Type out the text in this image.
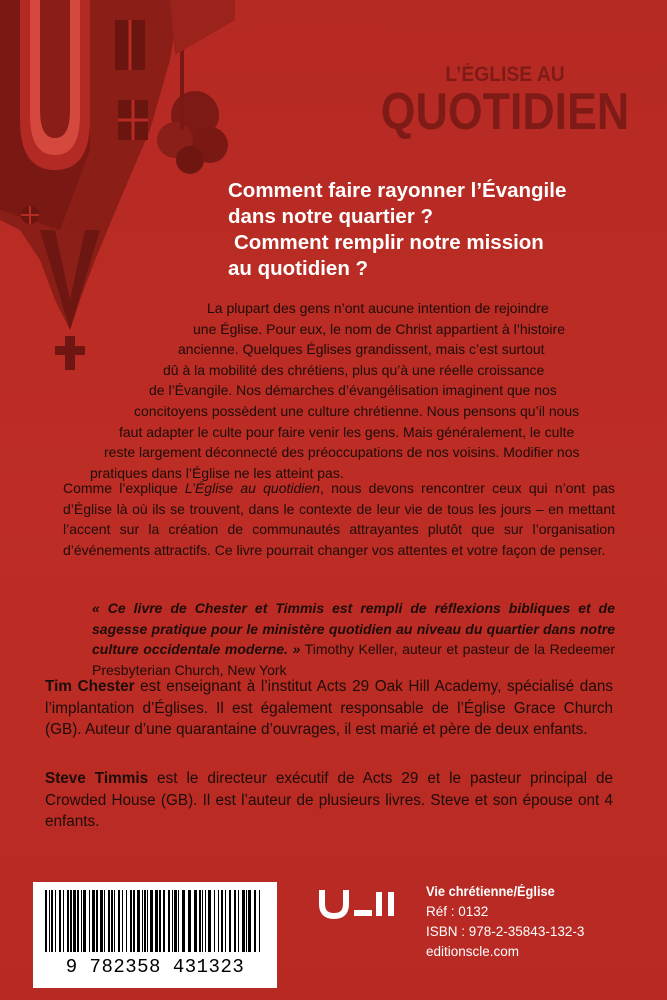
L’ÉGLISE AU
QUOTIDIEN
Comment faire rayonner l’Évangile
dans notre quartier ?
Comment remplir notre mission
au quotidien ?
La plupart des gens n’ont aucune intention de rejoindre
une Église. Pour eux, le nom de Christ appartient à l’histoire
ancienne. Quelques Églises grandissent, mais c’est surtout
dû à la mobilité des chrétiens, plus qu’à une réelle croissance
de l’Évangile. Nos démarches d’évangélisation imaginent que nos
concitoyens possèdent une culture chrétienne. Nous pensons qu’il nous
faut adapter le culte pour faire venir les gens. Mais généralement, le culte
reste largement déconnecté des préoccupations de nos voisins. Modifier nos
pratiques dans l’Église ne les atteint pas.
Comme l’explique L’Église au quotidien, nous devons rencontrer ceux qui n’ont pas d’Église là où ils se trouvent, dans le contexte de leur vie de tous les jours – en mettant l’accent sur la création de communautés attrayantes plutôt que sur l’organisation d’événements attractifs. Ce livre pourrait changer vos attentes et votre façon de penser.
« Ce livre de Chester et Timmis est rempli de réflexions bibliques et de sagesse pratique pour le ministère quotidien au niveau du quartier dans notre culture occidentale moderne. » Timothy Keller, auteur et pasteur de la Redeemer Presbyterian Church, New York
Tim Chester est enseignant à l’institut Acts 29 Oak Hill Academy, spécialisé dans l’implantation d’Églises. Il est également responsable de l’Église Grace Church (GB). Auteur d’une quarantaine d’ouvrages, il est marié et père de deux enfants.
Steve Timmis est le directeur exécutif de Acts 29 et le pasteur principal de Crowded House (GB). Il est l’auteur de plusieurs livres. Steve et son épouse ont 4 enfants.
9 782358 431323
Vie chrétienne/Église
Réf : 0132
ISBN : 978-2-35843-132-3
editionscle.com
